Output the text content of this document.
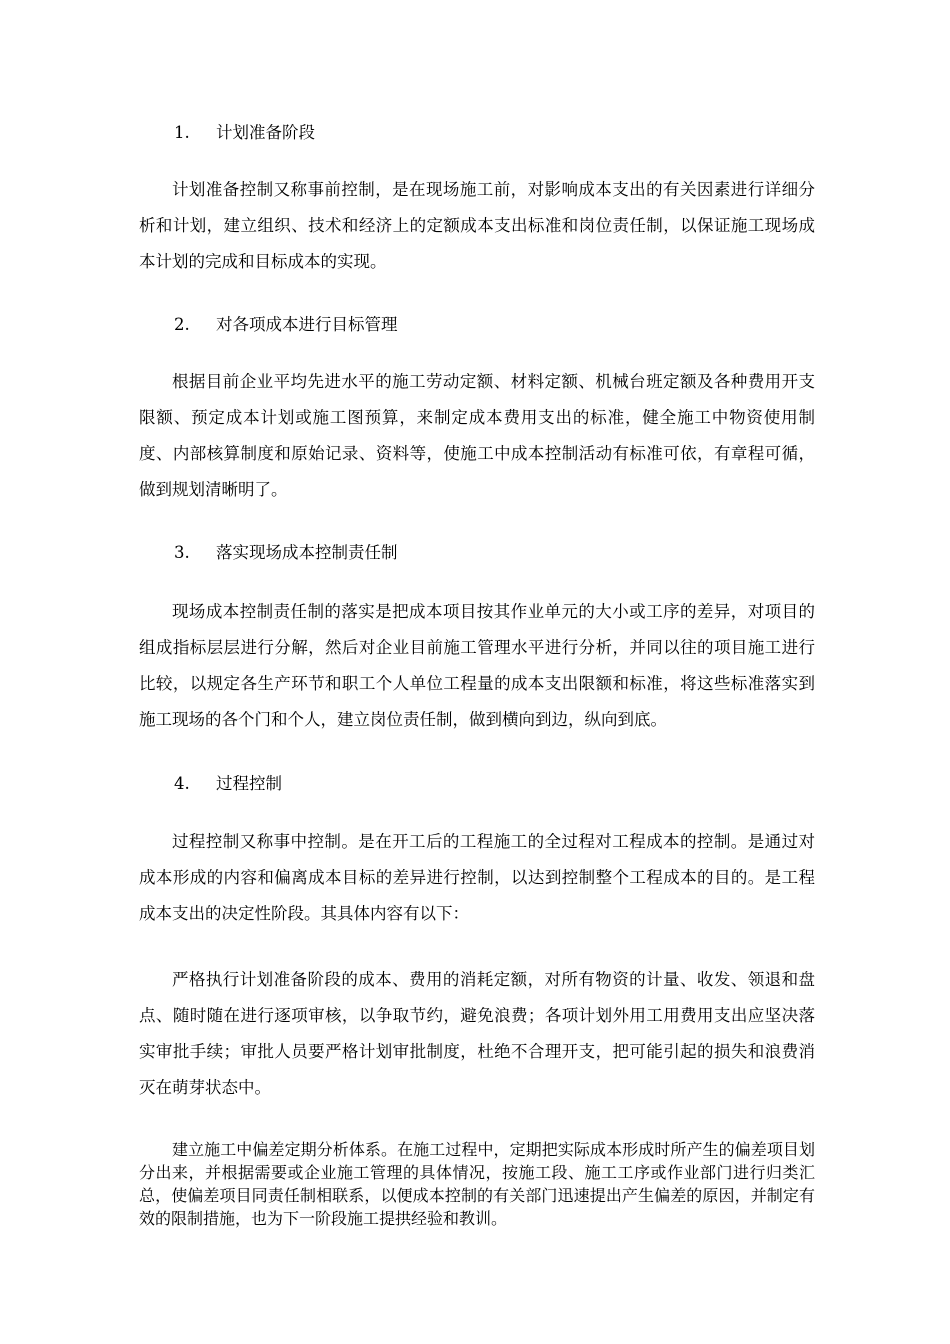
1. 计划准备阶段

计划准备控制又称事前控制，是在现场施工前，对影响成本支出的有关因素进行详细分析和计划，建立组织、技术和经济上的定额成本支出标准和岗位责任制，以保证施工现场成本计划的完成和目标成本的实现。

2. 对各项成本进行目标管理

根据目前企业平均先进水平的施工劳动定额、材料定额、机械台班定额及各种费用开支限额、预定成本计划或施工图预算，来制定成本费用支出的标准，健全施工中物资使用制度、内部核算制度和原始记录、资料等，使施工中成本控制活动有标准可依，有章程可循，做到规划清晰明了。

3. 落实现场成本控制责任制

现场成本控制责任制的落实是把成本项目按其作业单元的大小或工序的差异，对项目的组成指标层层进行分解，然后对企业目前施工管理水平进行分析，并同以往的项目施工进行比较，以规定各生产环节和职工个人单位工程量的成本支出限额和标准，将这些标准落实到施工现场的各个门和个人，建立岗位责任制，做到横向到边，纵向到底。

4. 过程控制

过程控制又称事中控制。是在开工后的工程施工的全过程对工程成本的控制。是通过对成本形成的内容和偏离成本目标的差异进行控制，以达到控制整个工程成本的目的。是工程成本支出的决定性阶段。其具体内容有以下：

严格执行计划准备阶段的成本、费用的消耗定额，对所有物资的计量、收发、领退和盘点、随时随在进行逐项审核，以争取节约，避免浪费；各项计划外用工用费用支出应坚决落实审批手续；审批人员要严格计划审批制度，杜绝不合理开支，把可能引起的损失和浪费消灭在萌芽状态中。

建立施工中偏差定期分析体系。在施工过程中，定期把实际成本形成时所产生的偏差项目划分出来，并根据需要或企业施工管理的具体情况，按施工段、施工工序或作业部门进行归类汇总，使偏差项目同责任制相联系，以便成本控制的有关部门迅速提出产生偏差的原因，并制定有效的限制措施，也为下一阶段施工提拱经验和教训。
